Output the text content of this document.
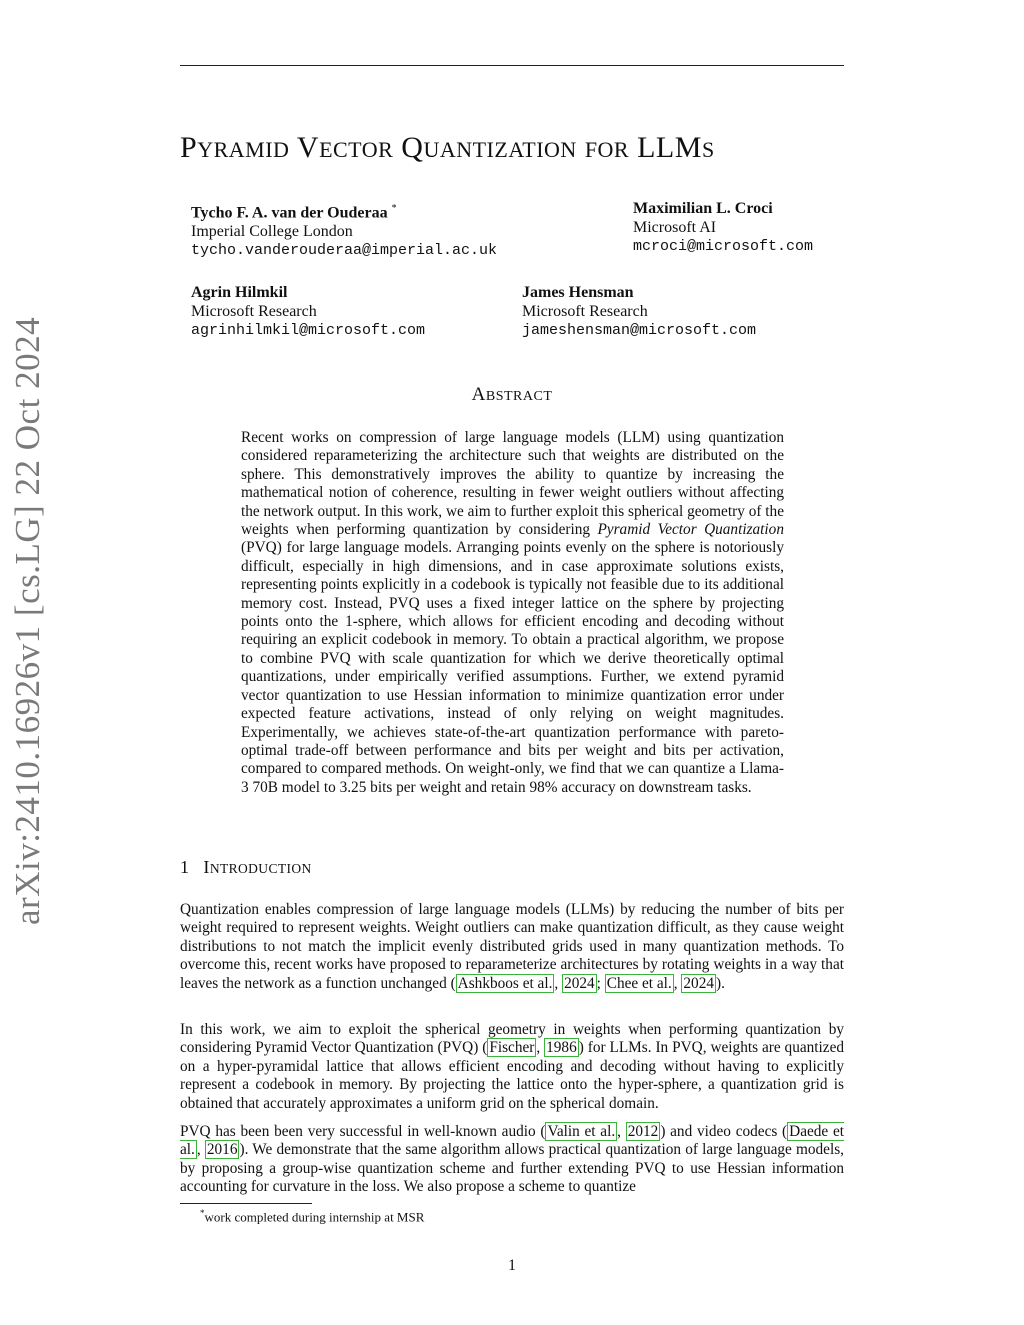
arXiv:2410.16926v1 [cs.LG] 22 Oct 2024
PYRAMID VECTOR QUANTIZATION FOR LLMS
Tycho F. A. van der Ouderaa *
Imperial College London
tycho.vanderouderaa@imperial.ac.uk
Maximilian L. Croci
Microsoft AI
mcroci@microsoft.com
Agrin Hilmkil
Microsoft Research
agrinhilmkil@microsoft.com
James Hensman
Microsoft Research
jameshensman@microsoft.com
ABSTRACT
Recent works on compression of large language models (LLM) using quantization considered reparameterizing the architecture such that weights are distributed on the sphere. This demonstratively improves the ability to quantize by increasing the mathematical notion of coherence, resulting in fewer weight outliers without affecting the network output. In this work, we aim to further exploit this spherical geometry of the weights when performing quantization by considering Pyramid Vector Quantization (PVQ) for large language models. Arranging points evenly on the sphere is notoriously difficult, especially in high dimensions, and in case approximate solutions exists, representing points explicitly in a codebook is typically not feasible due to its additional memory cost. Instead, PVQ uses a fixed integer lattice on the sphere by projecting points onto the 1-sphere, which allows for efficient encoding and decoding without requiring an explicit codebook in memory. To obtain a practical algorithm, we propose to combine PVQ with scale quantization for which we derive theoretically optimal quantizations, under empirically verified assumptions. Further, we extend pyramid vector quantization to use Hessian information to minimize quantization error under expected feature activations, instead of only relying on weight magnitudes. Experimentally, we achieves state-of-the-art quantization performance with pareto-optimal trade-off between performance and bits per weight and bits per activation, compared to compared methods. On weight-only, we find that we can quantize a Llama-3 70B model to 3.25 bits per weight and retain 98% accuracy on downstream tasks.
1 INTRODUCTION
Quantization enables compression of large language models (LLMs) by reducing the number of bits per weight required to represent weights. Weight outliers can make quantization difficult, as they cause weight distributions to not match the implicit evenly distributed grids used in many quantization methods. To overcome this, recent works have proposed to reparameterize architectures by rotating weights in a way that leaves the network as a function unchanged ( Ashkboos et al. , 2024 ; Chee et al. , 2024 ).
In this work, we aim to exploit the spherical geometry in weights when performing quantization by considering Pyramid Vector Quantization (PVQ) ( Fischer , 1986 ) for LLMs. In PVQ, weights are quantized on a hyper-pyramidal lattice that allows efficient encoding and decoding without having to explicitly represent a codebook in memory. By projecting the lattice onto the hyper-sphere, a quantization grid is obtained that accurately approximates a uniform grid on the spherical domain.
PVQ has been been very successful in well-known audio ( Valin et al. , 2012 ) and video codecs ( Daede et al. , 2016 ). We demonstrate that the same algorithm allows practical quantization of large language models, by proposing a group-wise quantization scheme and further extending PVQ to use Hessian information accounting for curvature in the loss. We also propose a scheme to quantize
*work completed during internship at MSR
1
